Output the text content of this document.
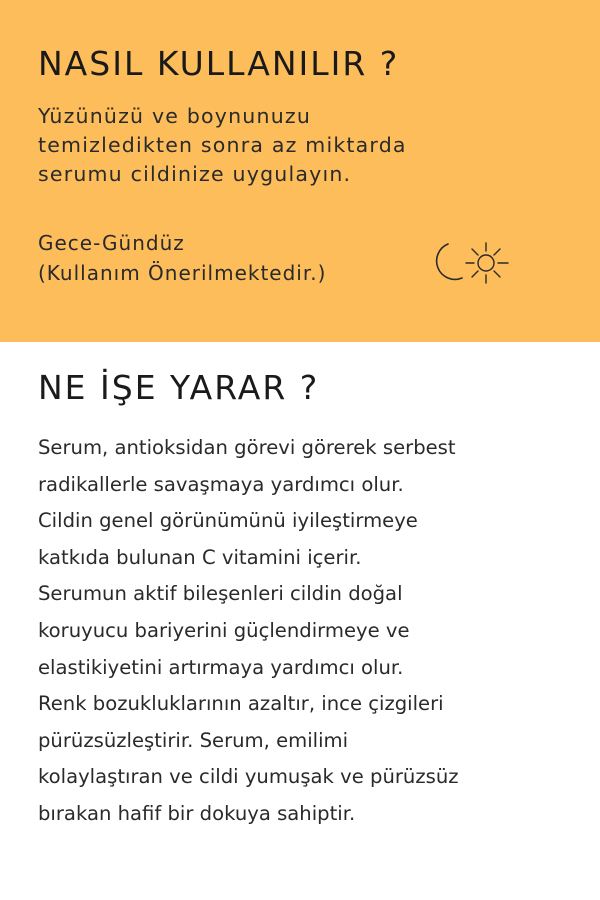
NASIL KULLANILIR ?

Yüzünüzü ve boynunuzu
temizledikten sonra az miktarda
serumu cildinize uygulayın.

Gece-Gündüz
(Kullanım Önerilmektedir.)
NE İŞE YARAR ?
Serum, antioksidan görevi görerek serbest
radikallerle savaşmaya yardımcı olur.
Cildin genel görünümünü iyileştirmeye
katkıda bulunan C vitamini içerir.
Serumun aktif bileşenleri cildin doğal
koruyucu bariyerini güçlendirmeye ve
elastikiyetini artırmaya yardımcı olur.
Renk bozukluklarının azaltır, ince çizgileri
pürüzsüzleştirir. Serum, emilimi
kolaylaştıran ve cildi yumuşak ve pürüzsüz
bırakan hafif bir dokuya sahiptir.
